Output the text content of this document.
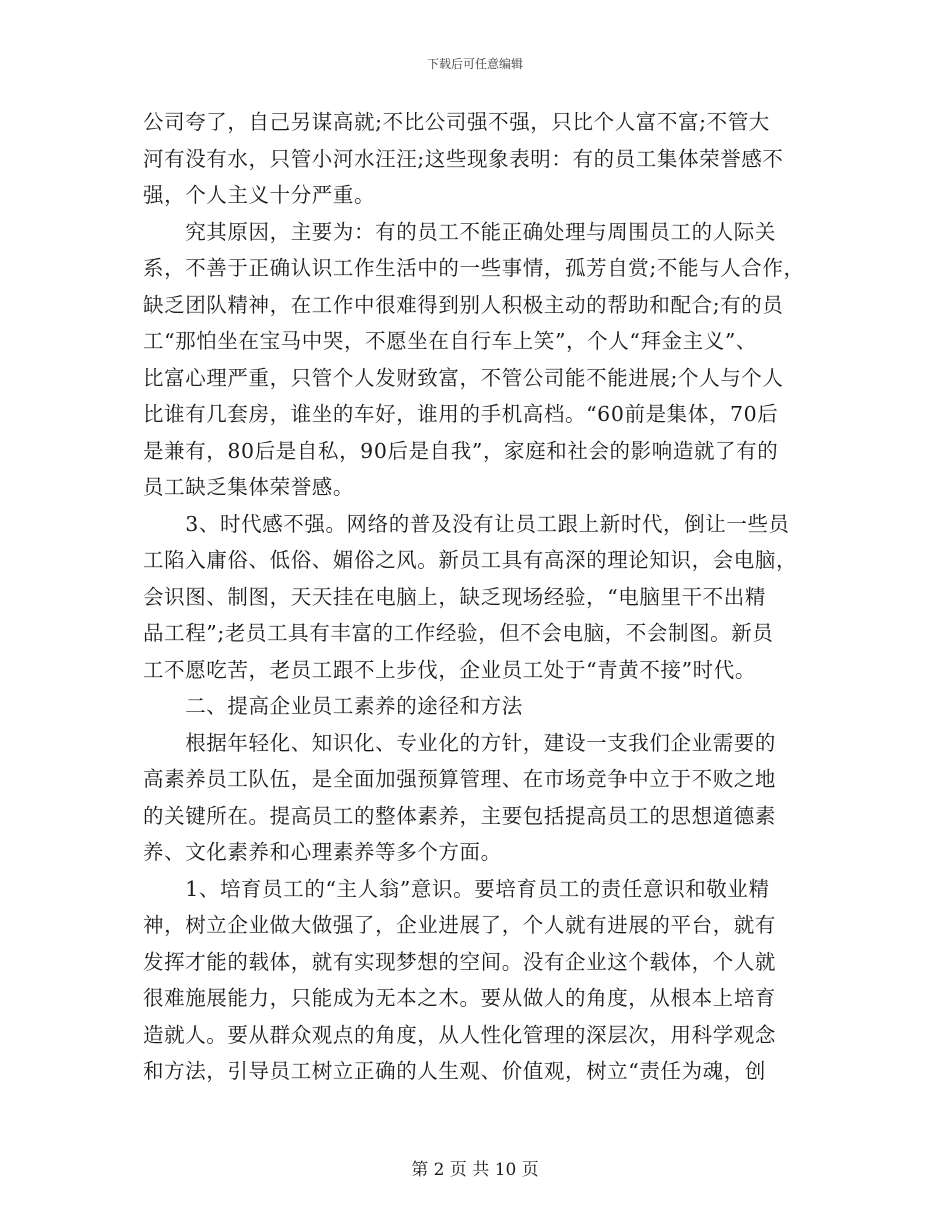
下载后可任意编辑
公司夸了，自己另谋高就;不比公司强不强，只比个人富不富;不管大
河有没有水，只管小河水汪汪;这些现象表明：有的员工集体荣誉感不
强，个人主义十分严重。
　　究其原因，主要为：有的员工不能正确处理与周围员工的人际关
系，不善于正确认识工作生活中的一些事情，孤芳自赏;不能与人合作，
缺乏团队精神，在工作中很难得到别人积极主动的帮助和配合;有的员
工“那怕坐在宝马中哭，不愿坐在自行车上笑”，个人“拜金主义”、
比富心理严重，只管个人发财致富，不管公司能不能进展;个人与个人
比谁有几套房，谁坐的车好，谁用的手机高档。“60前是集体，70后
是兼有，80后是自私，90后是自我”，家庭和社会的影响造就了有的
员工缺乏集体荣誉感。
　　3、时代感不强。网络的普及没有让员工跟上新时代，倒让一些员
工陷入庸俗、低俗、媚俗之风。新员工具有高深的理论知识，会电脑，
会识图、制图，天天挂在电脑上，缺乏现场经验，“电脑里干不出精
品工程”;老员工具有丰富的工作经验，但不会电脑，不会制图。新员
工不愿吃苦，老员工跟不上步伐，企业员工处于“青黄不接”时代。
　　二、提高企业员工素养的途径和方法
　　根据年轻化、知识化、专业化的方针，建设一支我们企业需要的
高素养员工队伍，是全面加强预算管理、在市场竞争中立于不败之地
的关键所在。提高员工的整体素养，主要包括提高员工的思想道德素
养、文化素养和心理素养等多个方面。
　　1、培育员工的“主人翁”意识。要培育员工的责任意识和敬业精
神，树立企业做大做强了，企业进展了，个人就有进展的平台，就有
发挥才能的载体，就有实现梦想的空间。没有企业这个载体，个人就
很难施展能力，只能成为无本之木。要从做人的角度，从根本上培育
造就人。要从群众观点的角度，从人性化管理的深层次，用科学观念
和方法，引导员工树立正确的人生观、价值观，树立“责任为魂，创
第 2 页 共 10 页
